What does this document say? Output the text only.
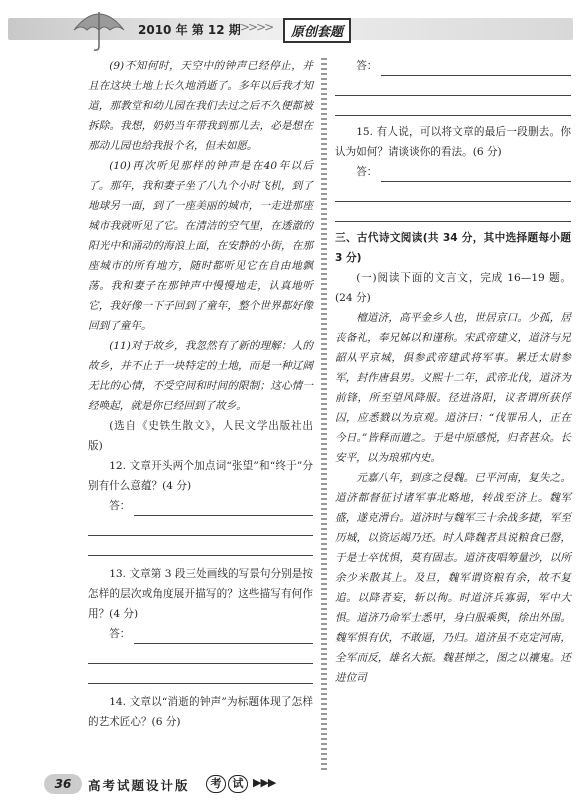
2010 年 第 12 期 >>>>	原创套题

(9)不知何时，天空中的钟声已经停止，并且在这块土地上长久地消逝了。多年以后我才知道，那教堂和幼儿园在我们去过之后不久便都被拆除。我想，奶奶当年带我到那儿去，必是想在那动儿园也给我报个名，但未如愿。

(10)再次听见那样的钟声是在40年以后了。那年，我和妻子坐了八九个小时飞机，到了地球另一面，到了一座美丽的城市，一走进那座城市我就听见了它。在清洁的空气里，在透澈的阳光中和涌动的海浪上面，在安静的小街，在那座城市的所有地方，随时都听见它在自由地飘荡。我和妻子在那钟声中慢慢地走，认真地听它，我好像一下子回到了童年，整个世界都好像回到了童年。

(11)对于故乡，我忽然有了新的理解：人的故乡，并不止于一块特定的土地，而是一种辽阔无比的心情，不受空间和时间的限制；这心情一经唤起，就是你已经回到了故乡。

(选自《史铁生散文》，人民文学出版社出版)

12. 文章开头两个加点词“张望”和“终于”分别有什么意蕴？(4 分)

答：

13. 文章第 3 段三处画线的写景句分别是按怎样的层次或角度展开描写的？这些描写有何作用？(4 分)

答：

14. 文章以“消逝的钟声”为标题体现了怎样的艺术匠心？(6 分)

答：

15. 有人说，可以将文章的最后一段删去。你认为如何？请谈谈你的看法。(6 分)

答：

三、古代诗文阅读(共 34 分，其中选择题每小题 3 分)

(一)阅读下面的文言文，完成 16—19 题。(24 分)

檀道济，高平金乡人也，世居京口。少孤，居丧备礼，奉兄姊以和谨称。宋武帝建义，道济与兄韶从平京城，俱参武帝建武将军事。累迁太尉参军，封作唐县男。义熙十二年，武帝北伐，道济为前锋，所至望风降服。径进洛阳，议者谓所获俘囚，应悉戮以为京观。道济曰：“伐罪吊人，正在今日。”皆释而遣之。于是中原感悦，归者甚众。长安平，以为琅邪内史。

元嘉八年，到彦之侵魏。已平河南，复失之。道济都督征讨诸军事北略地，转战至济上。魏军盛，遂克滑台。道济时与魏军三十余战多捷，军至历城，以资运竭乃还。时人降魏者具说粮食已罄，于是士卒忧惧，莫有固志。道济夜唱筹量沙，以所余少米散其上。及旦，魏军谓资粮有余，故不复追。以降者妄，斩以徇。时道济兵寡弱，军中大惧。道济乃命军士悉甲，身白服乘舆，徐出外围。魏军惧有伏，不敢逼，乃归。道济虽不克定河南，全军而反，雄名大振。魏甚惮之，图之以禳鬼。还进位司

36	高考试题设计版	考 试 ▶▶▶
